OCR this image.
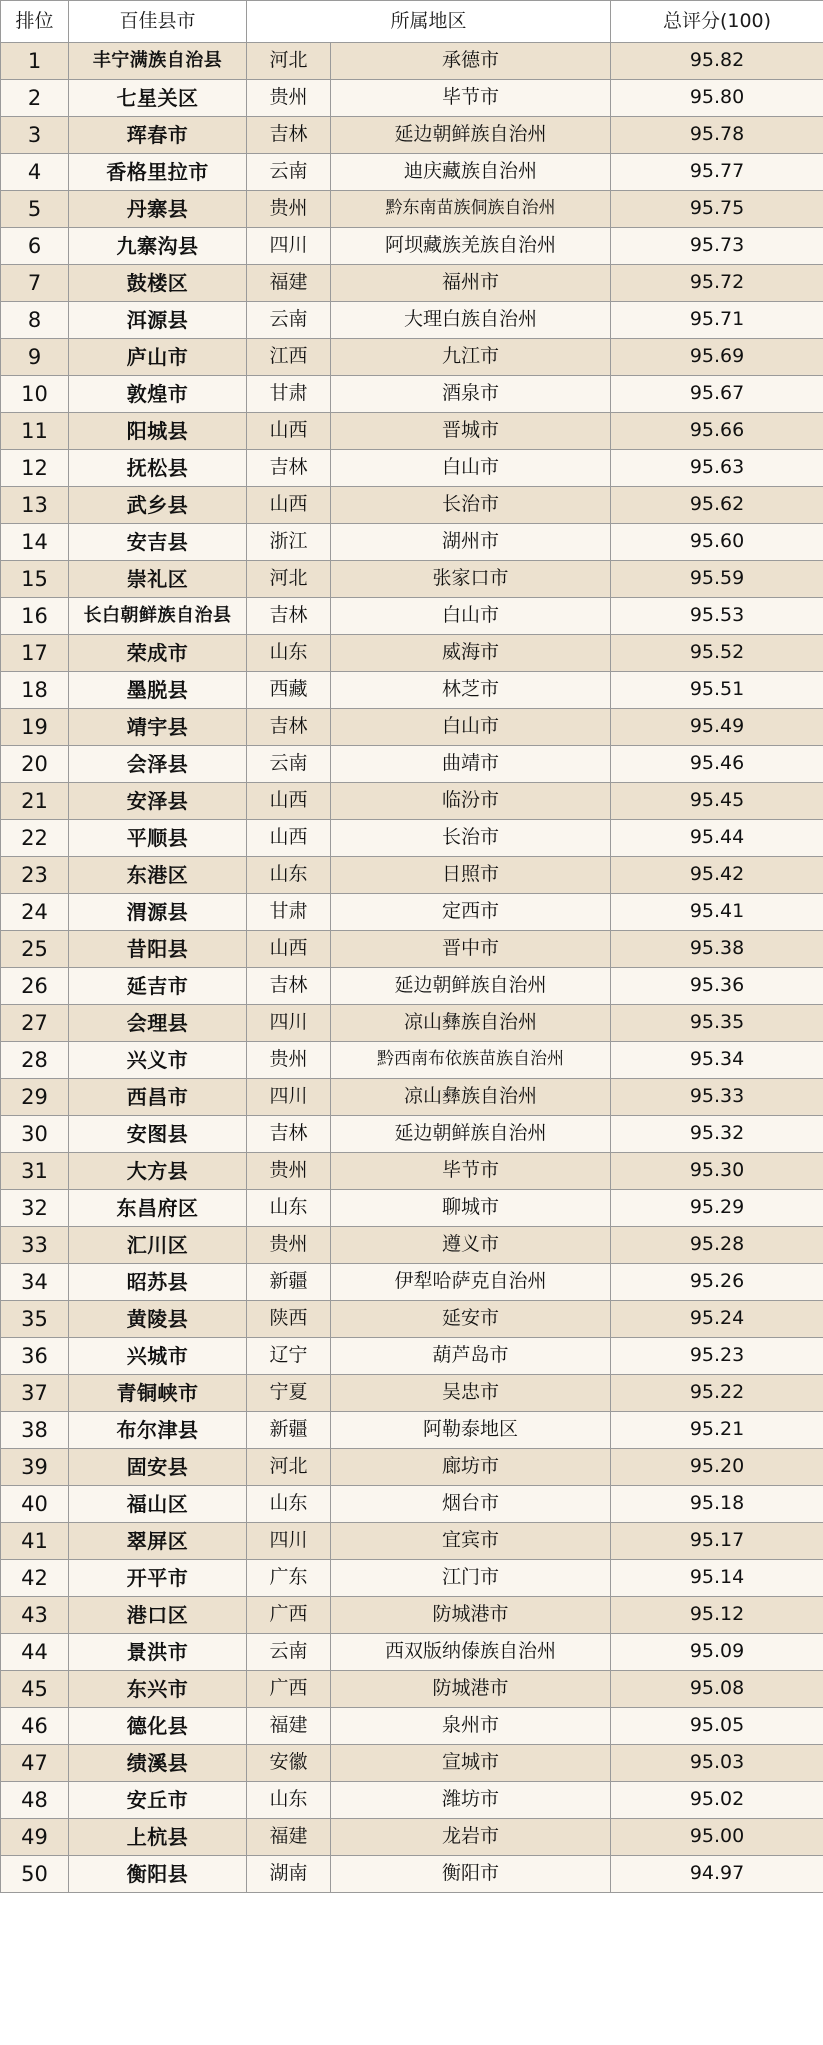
排位	百佳县市	所属地区		总评分(100)
1	丰宁满族自治县	河北	承德市	95.82
2	七星关区	贵州	毕节市	95.80
3	珲春市	吉林	延边朝鲜族自治州	95.78
4	香格里拉市	云南	迪庆藏族自治州	95.77
5	丹寨县	贵州	黔东南苗族侗族自治州	95.75
6	九寨沟县	四川	阿坝藏族羌族自治州	95.73
7	鼓楼区	福建	福州市	95.72
8	洱源县	云南	大理白族自治州	95.71
9	庐山市	江西	九江市	95.69
10	敦煌市	甘肃	酒泉市	95.67
11	阳城县	山西	晋城市	95.66
12	抚松县	吉林	白山市	95.63
13	武乡县	山西	长治市	95.62
14	安吉县	浙江	湖州市	95.60
15	崇礼区	河北	张家口市	95.59
16	长白朝鲜族自治县	吉林	白山市	95.53
17	荣成市	山东	威海市	95.52
18	墨脱县	西藏	林芝市	95.51
19	靖宇县	吉林	白山市	95.49
20	会泽县	云南	曲靖市	95.46
21	安泽县	山西	临汾市	95.45
22	平顺县	山西	长治市	95.44
23	东港区	山东	日照市	95.42
24	渭源县	甘肃	定西市	95.41
25	昔阳县	山西	晋中市	95.38
26	延吉市	吉林	延边朝鲜族自治州	95.36
27	会理县	四川	凉山彝族自治州	95.35
28	兴义市	贵州	黔西南布依族苗族自治州	95.34
29	西昌市	四川	凉山彝族自治州	95.33
30	安图县	吉林	延边朝鲜族自治州	95.32
31	大方县	贵州	毕节市	95.30
32	东昌府区	山东	聊城市	95.29
33	汇川区	贵州	遵义市	95.28
34	昭苏县	新疆	伊犁哈萨克自治州	95.26
35	黄陵县	陕西	延安市	95.24
36	兴城市	辽宁	葫芦岛市	95.23
37	青铜峡市	宁夏	吴忠市	95.22
38	布尔津县	新疆	阿勒泰地区	95.21
39	固安县	河北	廊坊市	95.20
40	福山区	山东	烟台市	95.18
41	翠屏区	四川	宜宾市	95.17
42	开平市	广东	江门市	95.14
43	港口区	广西	防城港市	95.12
44	景洪市	云南	西双版纳傣族自治州	95.09
45	东兴市	广西	防城港市	95.08
46	德化县	福建	泉州市	95.05
47	绩溪县	安徽	宣城市	95.03
48	安丘市	山东	潍坊市	95.02
49	上杭县	福建	龙岩市	95.00
50	衡阳县	湖南	衡阳市	94.97
